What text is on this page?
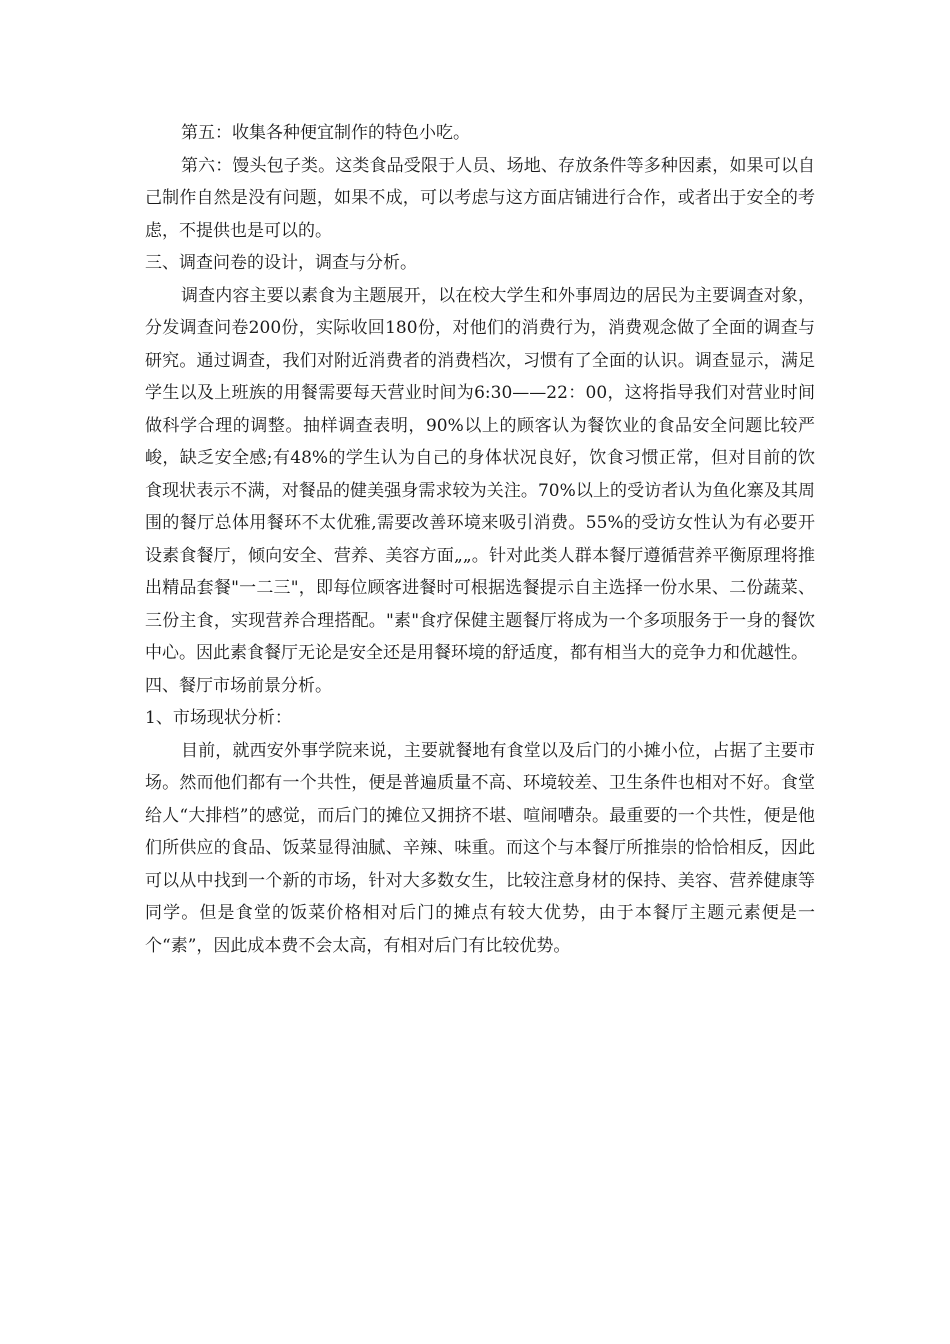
第五：收集各种便宜制作的特色小吃。

第六：馒头包子类。这类食品受限于人员、场地、存放条件等多种因素，如果可以自己制作自然是没有问题，如果不成，可以考虑与这方面店铺进行合作，或者出于安全的考虑，不提供也是可以的。

三、调查问卷的设计，调查与分析。

调查内容主要以素食为主题展开，以在校大学生和外事周边的居民为主要调查对象，分发调查问卷200份，实际收回180份，对他们的消费行为，消费观念做了全面的调查与研究。通过调查，我们对附近消费者的消费档次，习惯有了全面的认识。调查显示，满足学生以及上班族的用餐需要每天营业时间为6:30——22：00，这将指导我们对营业时间做科学合理的调整。抽样调查表明，90%以上的顾客认为餐饮业的食品安全问题比较严峻，缺乏安全感;有48%的学生认为自己的身体状况良好，饮食习惯正常，但对目前的饮食现状表示不满，对餐品的健美强身需求较为关注。70%以上的受访者认为鱼化寨及其周围的餐厅总体用餐环不太优雅,需要改善环境来吸引消费。55%的受访女性认为有必要开设素食餐厅，倾向安全、营养、美容方面„„。针对此类人群本餐厅遵循营养平衡原理将推出精品套餐"一二三"，即每位顾客进餐时可根据选餐提示自主选择一份水果、二份蔬菜、三份主食，实现营养合理搭配。"素"食疗保健主题餐厅将成为一个多项服务于一身的餐饮中心。因此素食餐厅无论是安全还是用餐环境的舒适度，都有相当大的竞争力和优越性。

四、餐厅市场前景分析。

1、市场现状分析：

目前，就西安外事学院来说，主要就餐地有食堂以及后门的小摊小位，占据了主要市场。然而他们都有一个共性，便是普遍质量不高、环境较差、卫生条件也相对不好。食堂给人“大排档”的感觉，而后门的摊位又拥挤不堪、喧闹嘈杂。最重要的一个共性，便是他们所供应的食品、饭菜显得油腻、辛辣、味重。而这个与本餐厅所推崇的恰恰相反，因此可以从中找到一个新的市场，针对大多数女生，比较注意身材的保持、美容、营养健康等同学。但是食堂的饭菜价格相对后门的摊点有较大优势，由于本餐厅主题元素便是一个“素”，因此成本费不会太高，有相对后门有比较优势。
